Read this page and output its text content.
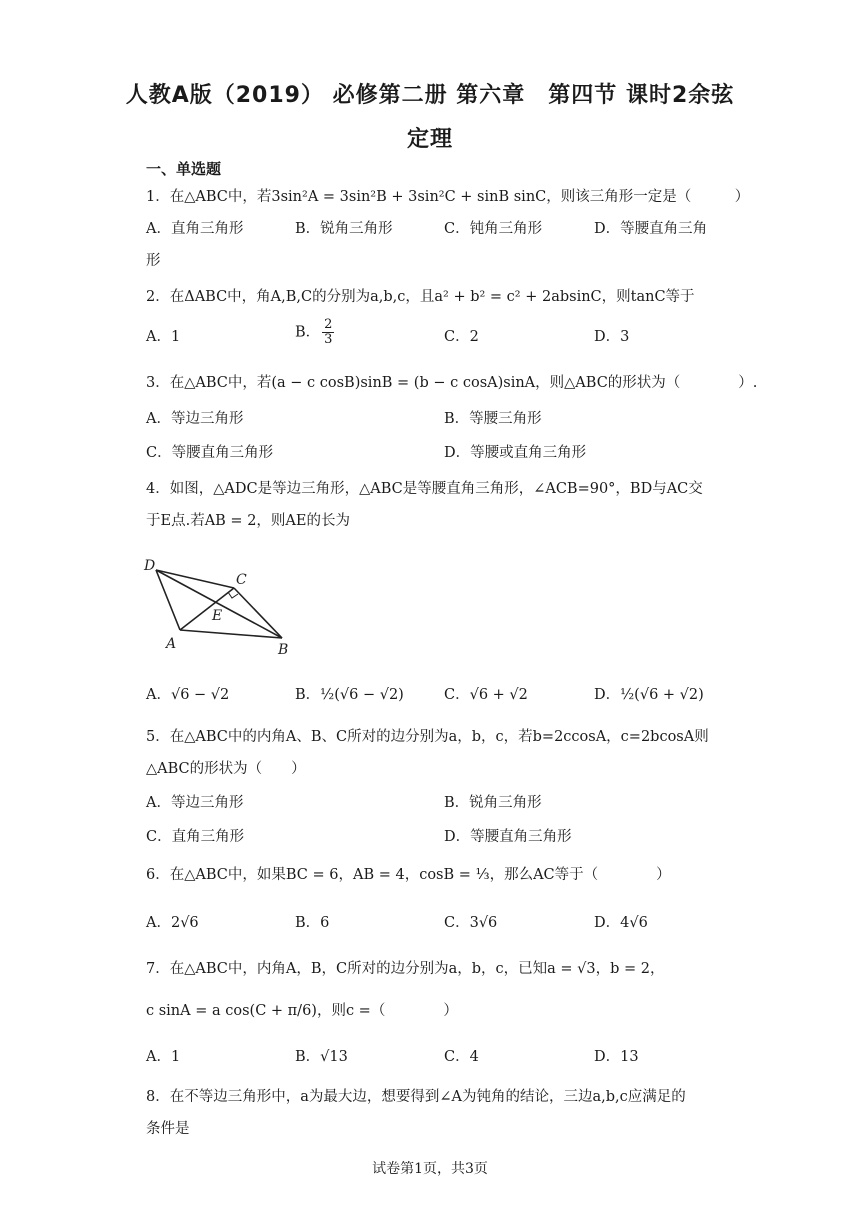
人教A版（2019） 必修第二册 第六章　第四节 课时2余弦
定理
一、单选题
1．在△ABC中，若3sin²A = 3sin²B + 3sin²C + sinB sinC，则该三角形一定是（　　　）
A．直角三角形	B．锐角三角形	C．钝角三角形	D．等腰直角三角
形
2．在ΔABC中，角A,B,C的分别为a,b,c，且a² + b² = c² + 2absinC，则tanC等于
A．1	B． $\frac{2}{3}$	C．2	D．3
3．在△ABC中，若(a − c cosB)sinB = (b − c cosA)sinA，则△ABC的形状为（　　　　）.
A．等边三角形	B．等腰三角形
C．等腰直角三角形	D．等腰或直角三角形
4．如图，△ADC是等边三角形，△ABC是等腰直角三角形，∠ACB=90°，BD与AC交
于E点.若AB = 2，则AE的长为
D
C
E
A	B
A．√6 − √2	B．½(√6 − √2)	C．√6 + √2	D．½(√6 + √2)
5．在△ABC中的内角A、B、C所对的边分别为a，b，c，若b=2ccosA，c=2bcosA则
△ABC的形状为（　　）
A．等边三角形	B．锐角三角形
C．直角三角形	D．等腰直角三角形
6．在△ABC中，如果BC = 6，AB = 4，cosB = ⅓，那么AC等于（　　　　）
A．2√6	B．6	C．3√6	D．4√6
7．在△ABC中，内角A，B，C所对的边分别为a，b，c，已知a = √3，b = 2，
c sinA = a cos(C + π/6)，则c =（　　　　）
A．1	B．√13	C．4	D．13
8．在不等边三角形中，a为最大边，想要得到∠A为钝角的结论，三边a,b,c应满足的
条件是
试卷第1页，共3页
